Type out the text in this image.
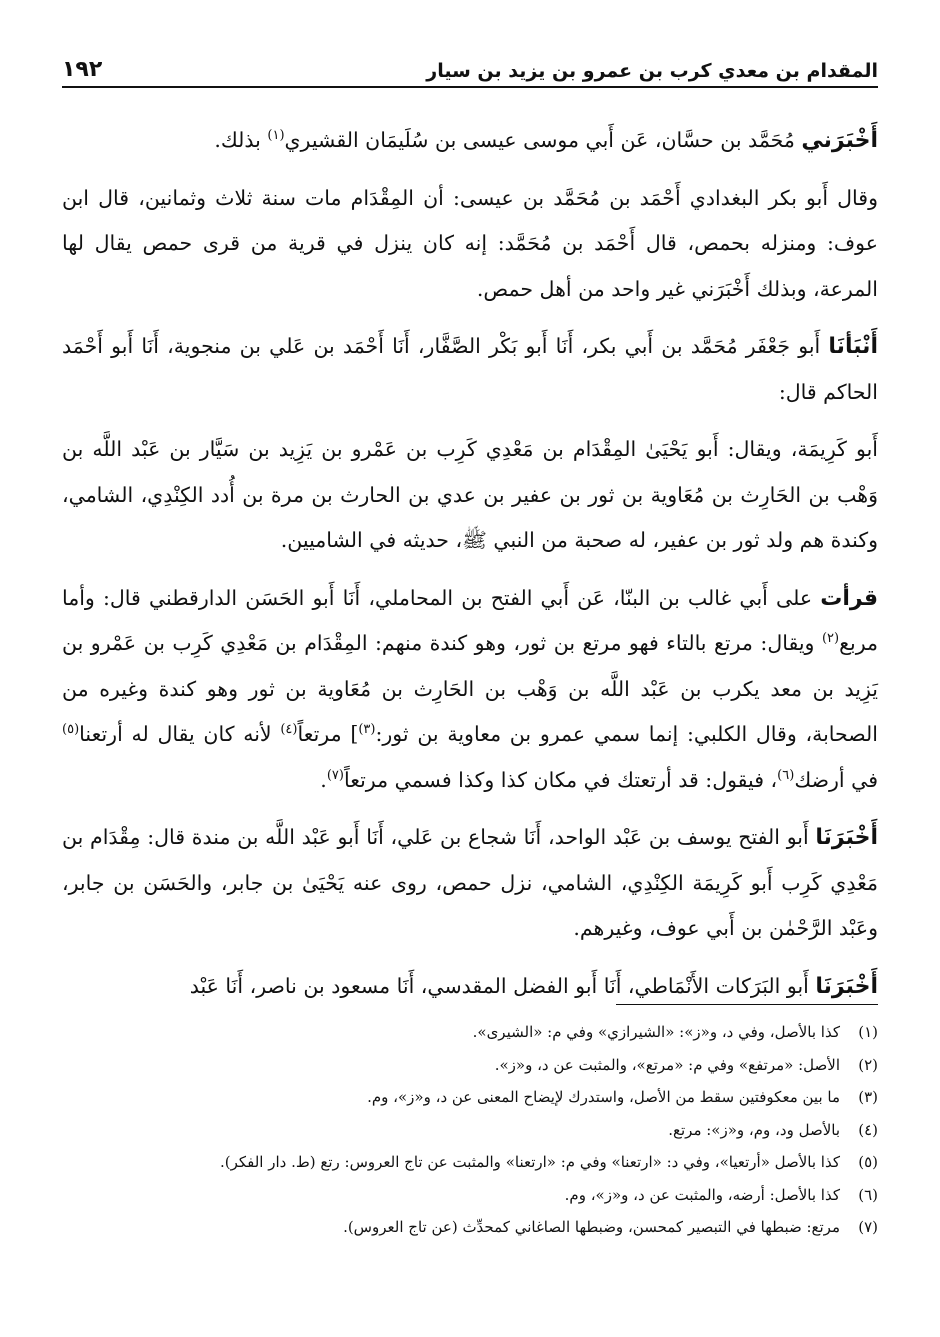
المقدام بن معدي كرب بن عمرو بن يزيد بن سيار
١٩٢

أَخْبَرَني مُحَمَّد بن حسَّان، عَن أَبي موسى عيسى بن سُلَيمَان القشيري$^{(١)}$ بذلك.

وقال أَبو بكر البغدادي أَحْمَد بن مُحَمَّد بن عيسى: أن المِقْدَام مات سنة ثلاث وثمانين، قال ابن عوف: ومنزله بحمص، قال أَحْمَد بن مُحَمَّد: إنه كان ينزل في قرية من قرى حمص يقال لها المرعة، وبذلك أَخْبَرَني غير واحد من أهل حمص.

أَنْبَأنَا أَبو جَعْفَر مُحَمَّد بن أَبي بكر، أَنَا أَبو بَكْر الصَّفَّار، أَنَا أَحْمَد بن عَلي بن منجوية، أَنَا أَبو أَحْمَد الحاكم قال:

أَبو كَرِيمَة، ويقال: أَبو يَحْيَىٰ المِقْدَام بن مَعْدِي كَرِب بن عَمْرو بن يَزِيد بن سَيَّار بن عَبْد اللَّه بن وَهْب بن الحَارِث بن مُعَاوية بن ثور بن عفير بن عدي بن الحارث بن مرة بن أُدد الكِنْدِي، الشامي، وكندة هم ولد ثور بن عفير، له صحبة من النبي ﷺ، حديثه في الشاميين.

قرأت على أَبي غالب بن البنّا، عَن أَبي الفتح بن المحاملي، أَنَا أَبو الحَسَن الدارقطني قال: وأما مربع$^{(٢)}$ ويقال: مرتع بالتاء فهو مرتع بن ثور، وهو كندة منهم: المِقْدَام بن مَعْدِي كَرِب بن عَمْرو بن يَزِيد بن معد يكرب بن عَبْد اللَّه بن وَهْب بن الحَارِث بن مُعَاوية بن ثور وهو كندة وغيره من الصحابة، وقال الكلبي: إنما سمي عمرو بن معاوية بن ثور:$^{(٣)}$] مرتعاً$^{(٤)}$ لأنه كان يقال له أرتعنا$^{(٥)}$ في أرضك$^{(٦)}$، فيقول: قد أرتعتك في مكان كذا وكذا فسمي مرتعاً$^{(٧)}$.

أَخْبَرَنَا أَبو الفتح يوسف بن عَبْد الواحد، أَنَا شجاع بن عَلي، أَنَا أَبو عَبْد اللَّه بن مندة قال: مِقْدَام بن مَعْدِي كَرِب أَبو كَرِيمَة الكِنْدِي، الشامي، نزل حمص، روى عنه يَحْيَىٰ بن جابر، والحَسَن بن جابر، وعَبْد الرَّحْمٰن بن أَبي عوف، وغيرهم.

أَخْبَرَنَا أَبو البَرَكات الأَنْمَاطي، أَنَا أَبو الفضل المقدسي، أَنَا مسعود بن ناصر، أَنَا عَبْد

(١)
كذا بالأصل، وفي د، و«ز»: «الشيرازي» وفي م: «الشيرى».
(٢)
الأصل: «مرتفع» وفي م: «مرتع»، والمثبت عن د، و«ز».
(٣)
ما بين معكوفتين سقط من الأصل، واستدرك لإيضاح المعنى عن د، و«ز»، وم.
(٤)
بالأصل ود، وم، و«ز»: مرتع.
(٥)
كذا بالأصل «أرتعيا»، وفي د: «ارتعنا» وفي م: «ارتعنا» والمثبت عن تاج العروس: رتع (ط. دار الفكر).
(٦)
كذا بالأصل: أرضه، والمثبت عن د، و«ز»، وم.
(٧)
مرتع: ضبطها في التبصير كمحسن، وضبطها الصاغاني كمحدِّث (عن تاج العروس).
